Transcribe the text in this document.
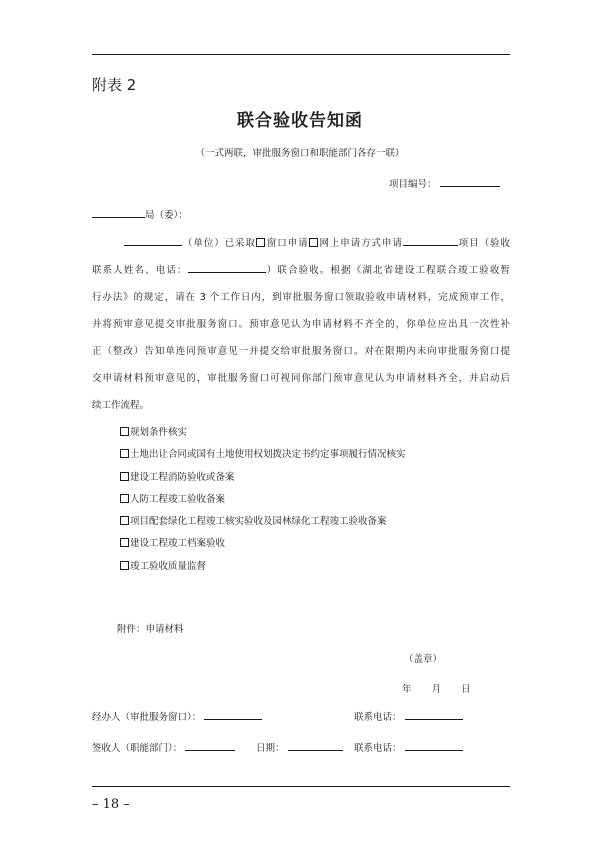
附表 2
联合验收告知函
（一式两联，审批服务窗口和职能部门各存一联）
项目编号：
局（委）：
（单位）已采取 窗口申请 网上申请方式申请	项目（验收
联系人姓名、电话：	）联合验收。根据《湖北省建设工程联合竣工验收暂
行办法》的规定，请在 3 个工作日内，到审批服务窗口领取验收申请材料，完成预审工作，
并将预审意见提交审批服务窗口。预审意见认为申请材料不齐全的，你单位应出具一次性补
正（整改）告知单连同预审意见一并提交给审批服务窗口。对在限期内未向审批服务窗口提
交申请材料预审意见的，审批服务窗口可视同你部门预审意见认为申请材料齐全，并启动后
续工作流程。
规划条件核实
土地出让合同或国有土地使用权划拨决定书约定事项履行情况核实
建设工程消防验收或备案
人防工程竣工验收备案
项目配套绿化工程竣工核实验收及园林绿化工程竣工验收备案
建设工程竣工档案验收
竣工验收质量监督
附件：申请材料
（盖章）
年 月 日
经办人（审批服务窗口）：	联系电话：
签收人（职能部门）：	日期：	联系电话：
– 18 –
